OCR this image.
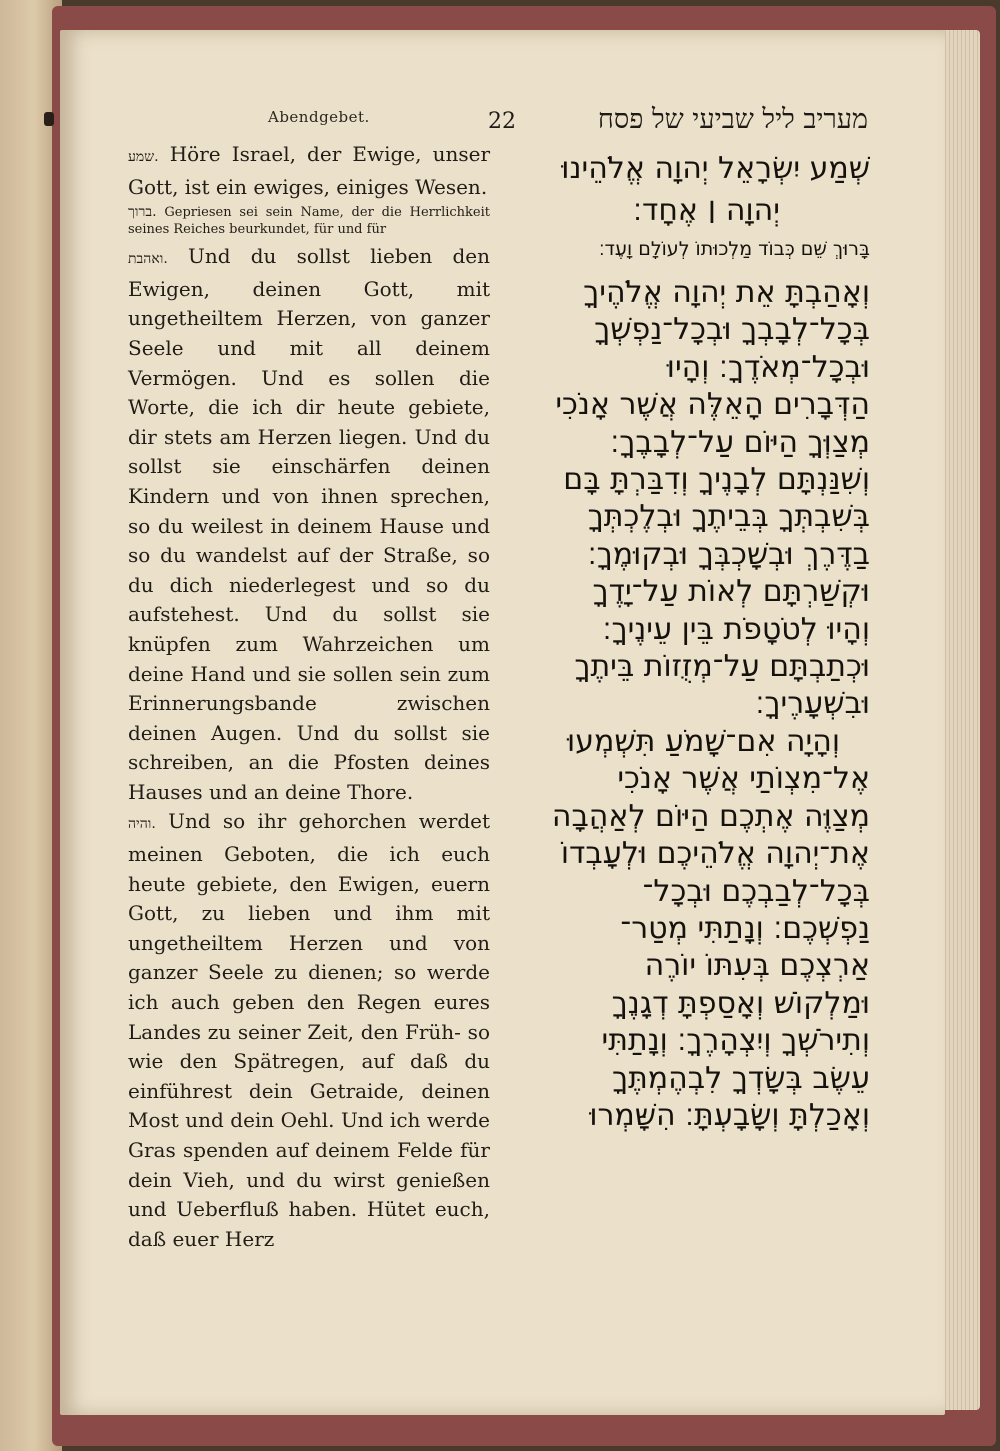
Abendgebet.	22	מעריב ליל שביעי של פסח

שמע. Höre Israel, der Ewige, unser Gott, ist ein ewiges, einiges Wesen.

ברוך. Gepriesen sei sein Name, der die Herrlichkeit seines Reiches beurkundet, für und für

ואהבת. Und du sollst lieben den Ewigen, deinen Gott, mit ungetheiltem Herzen, von ganzer Seele und mit all deinem Vermögen. Und es sollen die Worte, die ich dir heute gebiete, dir stets am Herzen liegen. Und du sollst sie einschärfen deinen Kindern und von ihnen sprechen, so du weilest in deinem Hause und so du wandelst auf der Straße, so du dich niederlegest und so du aufstehest. Und du sollst sie knüpfen zum Wahrzeichen um deine Hand und sie sollen sein zum Erinnerungsbande zwischen deinen Augen. Und du sollst sie schreiben, an die Pfosten deines Hauses und an deine Thore.

והיה. Und so ihr gehorchen werdet meinen Geboten, die ich euch heute gebiete, den Ewigen, euern Gott, zu lieben und ihm mit ungetheiltem Herzen und von ganzer Seele zu dienen; so werde ich auch geben den Regen eures Landes zu seiner Zeit, den Früh- so wie den Spätregen, auf daß du einführest dein Getraide, deinen Most und dein Oehl. Und ich werde Gras spenden auf deinem Felde für dein Vieh, und du wirst genießen und Ueberfluß haben. Hütet euch, daß euer Herz

שְׁמַע יִשְׂרָאֵל יְהוָה אֱלֹהֵינוּ
יְהוָה ׀ אֶחָד׃
בָּרוּךְ שֵׁם כְּבוֹד מַלְכוּתוֹ לְעוֹלָם וָעֶד׃
וְאָהַבְתָּ אֵת יְהוָה אֱלֹהֶיךָ
בְּכָל־לְבָבְךָ וּבְכָל־נַפְשְׁךָ
וּבְכָל־מְאֹדֶךָ׃ וְהָיוּ
הַדְּבָרִים הָאֵלֶּה אֲשֶׁר אָנֹכִי
מְצַוְּךָ הַיּוֹם עַל־לְבָבֶךָ׃
וְשִׁנַּנְתָּם לְבָנֶיךָ וְדִבַּרְתָּ בָּם
בְּשִׁבְתְּךָ בְּבֵיתֶךָ וּבְלֶכְתְּךָ
בַדֶּרֶךְ וּבְשָׁכְבְּךָ וּבְקוּמֶךָ׃
וּקְשַׁרְתָּם לְאוֹת עַל־יָדֶךָ
וְהָיוּ לְטֹטָפֹת בֵּין עֵינֶיךָ׃
וּכְתַבְתָּם עַל־מְזֻזוֹת בֵּיתֶךָ
וּבִשְׁעָרֶיךָ׃
וְהָיָה אִם־שָׁמֹעַ תִּשְׁמְעוּ
אֶל־מִצְוֹתַי אֲשֶׁר אָנֹכִי
מְצַוֶּה אֶתְכֶם הַיּוֹם לְאַהֲבָה
אֶת־יְהוָה אֱלֹהֵיכֶם וּלְעָבְדוֹ
בְּכָל־לְבַבְכֶם וּבְכָל־
נַפְשְׁכֶם׃ וְנָתַתִּי מְטַר־
אַרְצְכֶם בְּעִתּוֹ יוֹרֶה
וּמַלְקוֹשׁ וְאָסַפְתָּ דְגָנֶךָ
וְתִירֹשְׁךָ וְיִצְהָרֶךָ׃ וְנָתַתִּי
עֵשֶׂב בְּשָׂדְךָ לִבְהֶמְתֶּךָ
וְאָכַלְתָּ וְשָׂבָעְתָּ׃ הִשָּׁמְרוּ
